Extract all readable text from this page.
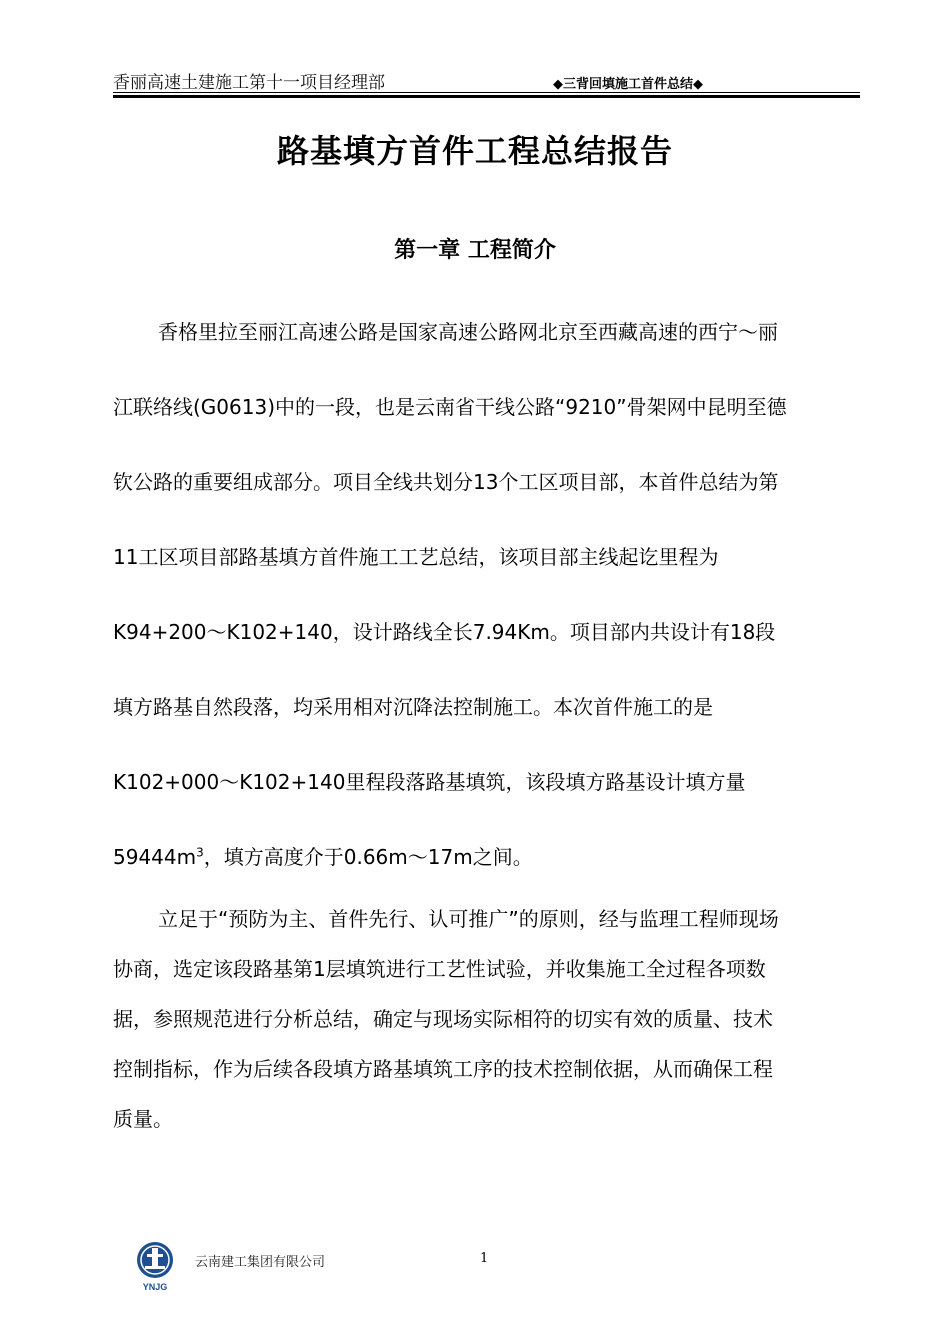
香丽高速土建施工第十一项目经理部	◆三背回填施工首件总结◆
路基填方首件工程总结报告
第一章 工程简介
香格里拉至丽江高速公路是国家高速公路网北京至西藏高速的西宁～丽
江联络线(G0613)中的一段，也是云南省干线公路“9210”骨架网中昆明至德
钦公路的重要组成部分。项目全线共划分13个工区项目部，本首件总结为第
11工区项目部路基填方首件施工工艺总结，该项目部主线起讫里程为
K94+200～K102+140，设计路线全长7.94Km。项目部内共设计有18段
填方路基自然段落，均采用相对沉降法控制施工。本次首件施工的是
K102+000～K102+140里程段落路基填筑，该段填方路基设计填方量
$59444m^3$，填方高度介于0.66m～17m之间。
立足于“预防为主、首件先行、认可推广”的原则，经与监理工程师现场
协商，选定该段路基第1层填筑进行工艺性试验，并收集施工全过程各项数
据，参照规范进行分析总结，确定与现场实际相符的切实有效的质量、技术
控制指标，作为后续各段填方路基填筑工序的技术控制依据，从而确保工程
质量。
YNJG
云南建工集团有限公司	1
